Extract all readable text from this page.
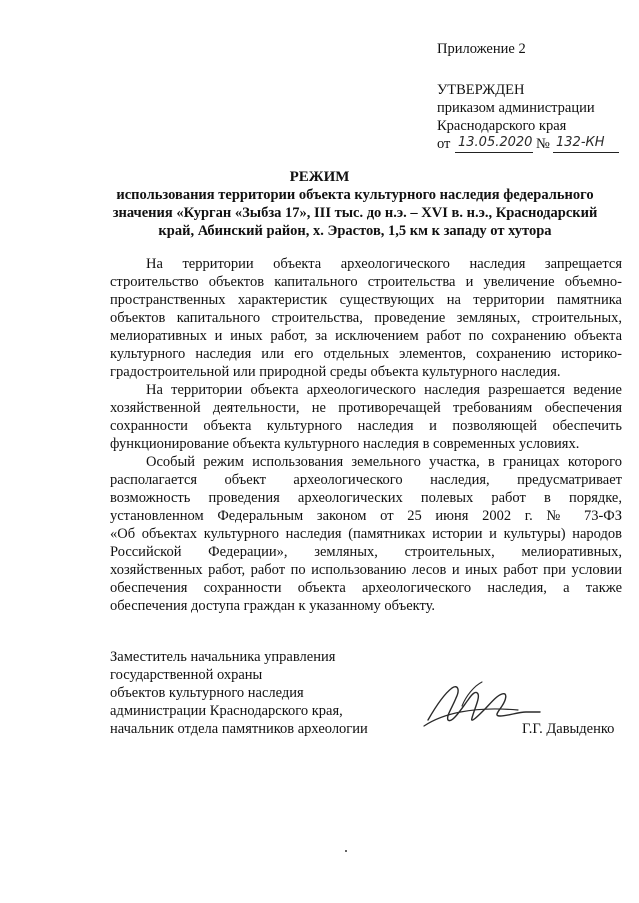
Приложение 2
УТВЕРЖДЕН
приказом администрации
Краснодарского края
от 13.05.2020 № 132-КН
РЕЖИМ
использования территории объекта культурного наследия федерального
значения «Курган «Зыбза 17», III тыс. до н.э. – XVI в. н.э., Краснодарский
край, Абинский район, х. Эрастов, 1,5 км к западу от хутора
На территории объекта археологического наследия запрещается
строительство объектов капитального строительства и увеличение объемно-
пространственных характеристик существующих на территории памятника
объектов капитального строительства, проведение земляных, строительных,
мелиоративных и иных работ, за исключением работ по сохранению объекта
культурного наследия или его отдельных элементов, сохранению историко-
градостроительной или природной среды объекта культурного наследия.
На территории объекта археологического наследия разрешается ведение
хозяйственной деятельности, не противоречащей требованиям обеспечения
сохранности объекта культурного наследия и позволяющей обеспечить
функционирование объекта культурного наследия в современных условиях.
Особый режим использования земельного участка, в границах которого
располагается объект археологического наследия, предусматривает
возможность проведения археологических полевых работ в порядке,
установленном Федеральным законом от 25 июня 2002 г. № 73-ФЗ
«Об объектах культурного наследия (памятниках истории и культуры) народов
Российской Федерации», земляных, строительных, мелиоративных,
хозяйственных работ, работ по использованию лесов и иных работ при условии
обеспечения сохранности объекта археологического наследия, а также
обеспечения доступа граждан к указанному объекту.
Заместитель начальника управления
государственной охраны
объектов культурного наследия
администрации Краснодарского края,
начальник отдела памятников археологии	Г.Г. Давыденко
